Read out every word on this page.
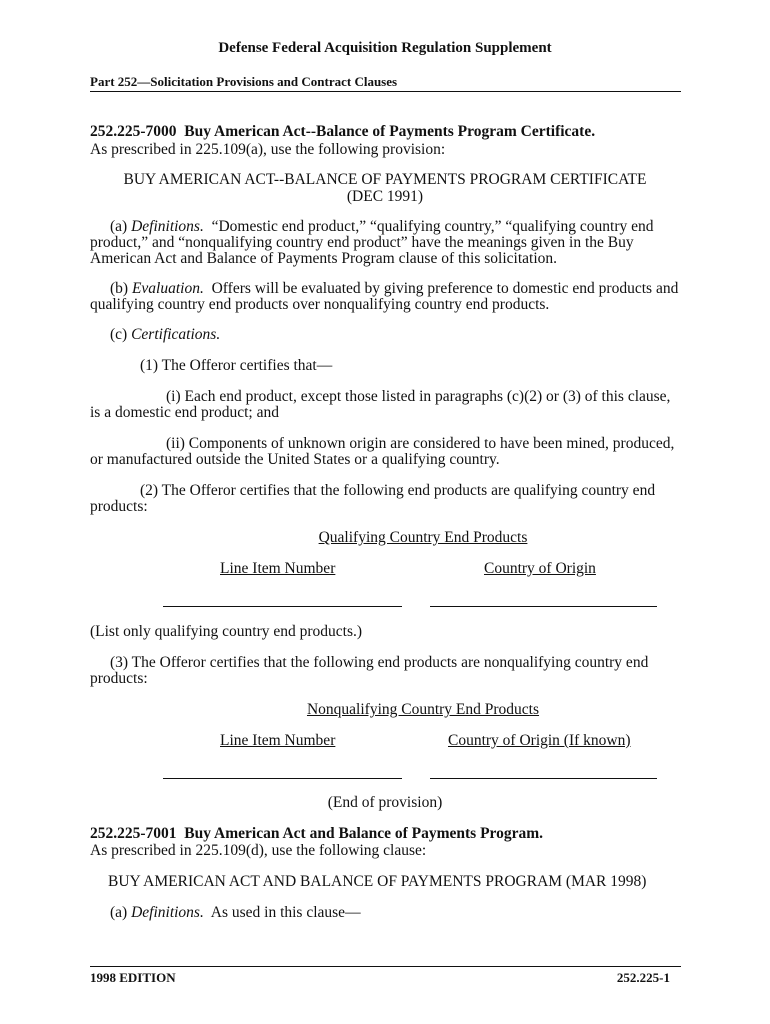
Defense Federal Acquisition Regulation Supplement
Part 252—Solicitation Provisions and Contract Clauses

252.225-7000 Buy American Act--Balance of Payments Program Certificate.

As prescribed in 225.109(a), use the following provision:

BUY AMERICAN ACT--BALANCE OF PAYMENTS PROGRAM CERTIFICATE

(DEC 1991)

(a) Definitions. “Domestic end product,” “qualifying country,” “qualifying country end product,” and “nonqualifying country end product” have the meanings given in the Buy American Act and Balance of Payments Program clause of this solicitation.

(b) Evaluation. Offers will be evaluated by giving preference to domestic end products and qualifying country end products over nonqualifying country end products.

(c) Certifications.

(1) The Offeror certifies that—

(i) Each end product, except those listed in paragraphs (c)(2) or (3) of this clause, is a domestic end product; and

(ii) Components of unknown origin are considered to have been mined, produced, or manufactured outside the United States or a qualifying country.

(2) The Offeror certifies that the following end products are qualifying country end products:

Qualifying Country End Products
Line Item Number	Country of Origin

(List only qualifying country end products.)

(3) The Offeror certifies that the following end products are nonqualifying country end products:

Nonqualifying Country End Products
Line Item Number	Country of Origin (If known)

(End of provision)

252.225-7001 Buy American Act and Balance of Payments Program.

As prescribed in 225.109(d), use the following clause:

BUY AMERICAN ACT AND BALANCE OF PAYMENTS PROGRAM (MAR 1998)

(a) Definitions. As used in this clause—

1998 EDITION	252.225-1
